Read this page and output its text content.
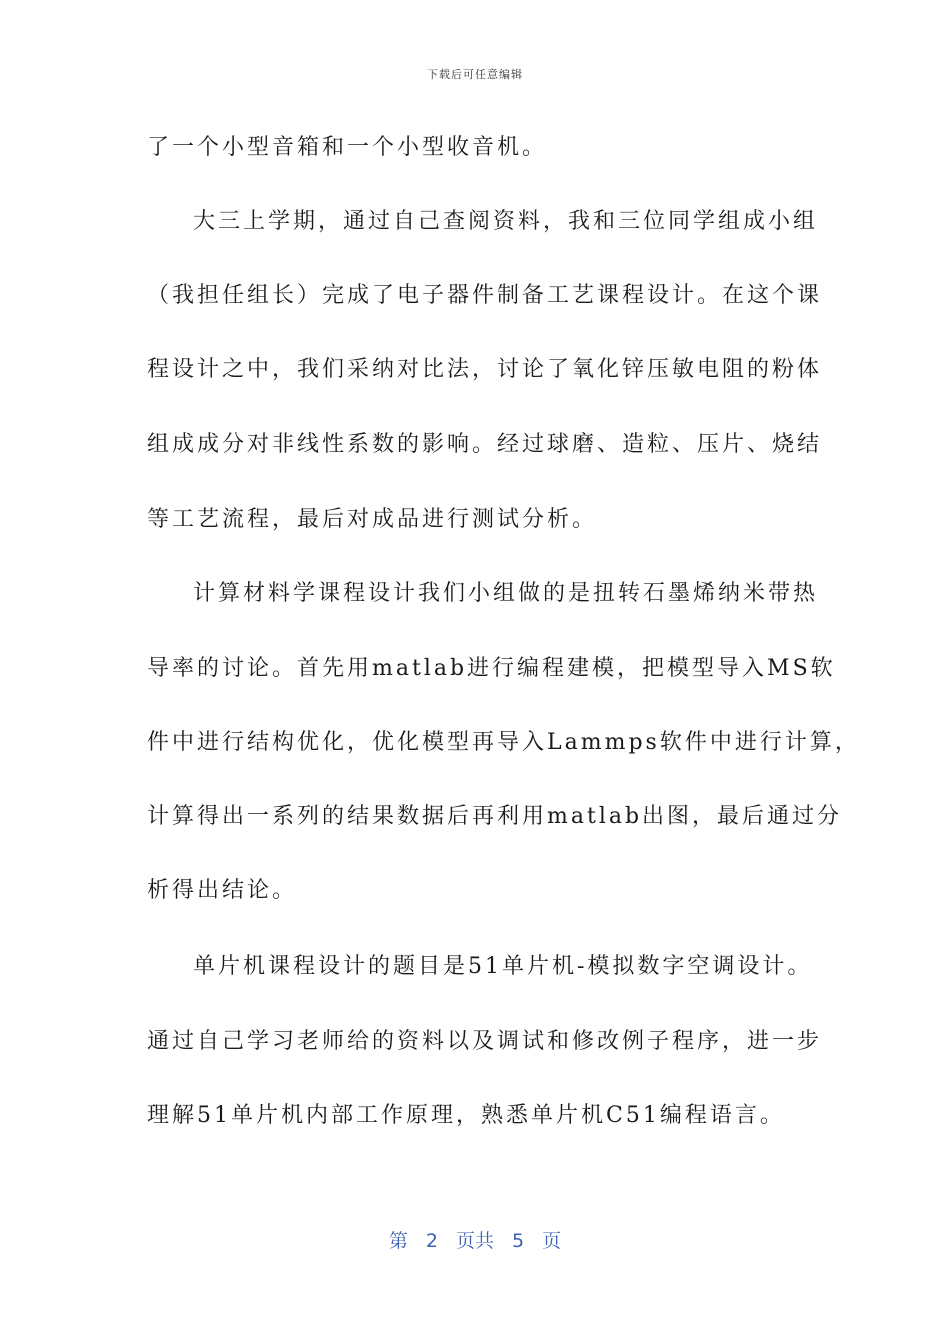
下载后可任意编辑
了一个小型音箱和一个小型收音机。
大三上学期，通过自己查阅资料，我和三位同学组成小组
（我担任组长）完成了电子器件制备工艺课程设计。在这个课
程设计之中，我们采纳对比法，讨论了氧化锌压敏电阻的粉体
组成成分对非线性系数的影响。经过球磨、造粒、压片、烧结
等工艺流程，最后对成品进行测试分析。
计算材料学课程设计我们小组做的是扭转石墨烯纳米带热
导率的讨论。首先用matlab进行编程建模，把模型导入MS软
件中进行结构优化，优化模型再导入Lammps软件中进行计算，
计算得出一系列的结果数据后再利用matlab出图，最后通过分
析得出结论。
单片机课程设计的题目是51单片机-模拟数字空调设计。
通过自己学习老师给的资料以及调试和修改例子程序，进一步
理解51单片机内部工作原理，熟悉单片机C51编程语言。
第 2 页共 5 页
